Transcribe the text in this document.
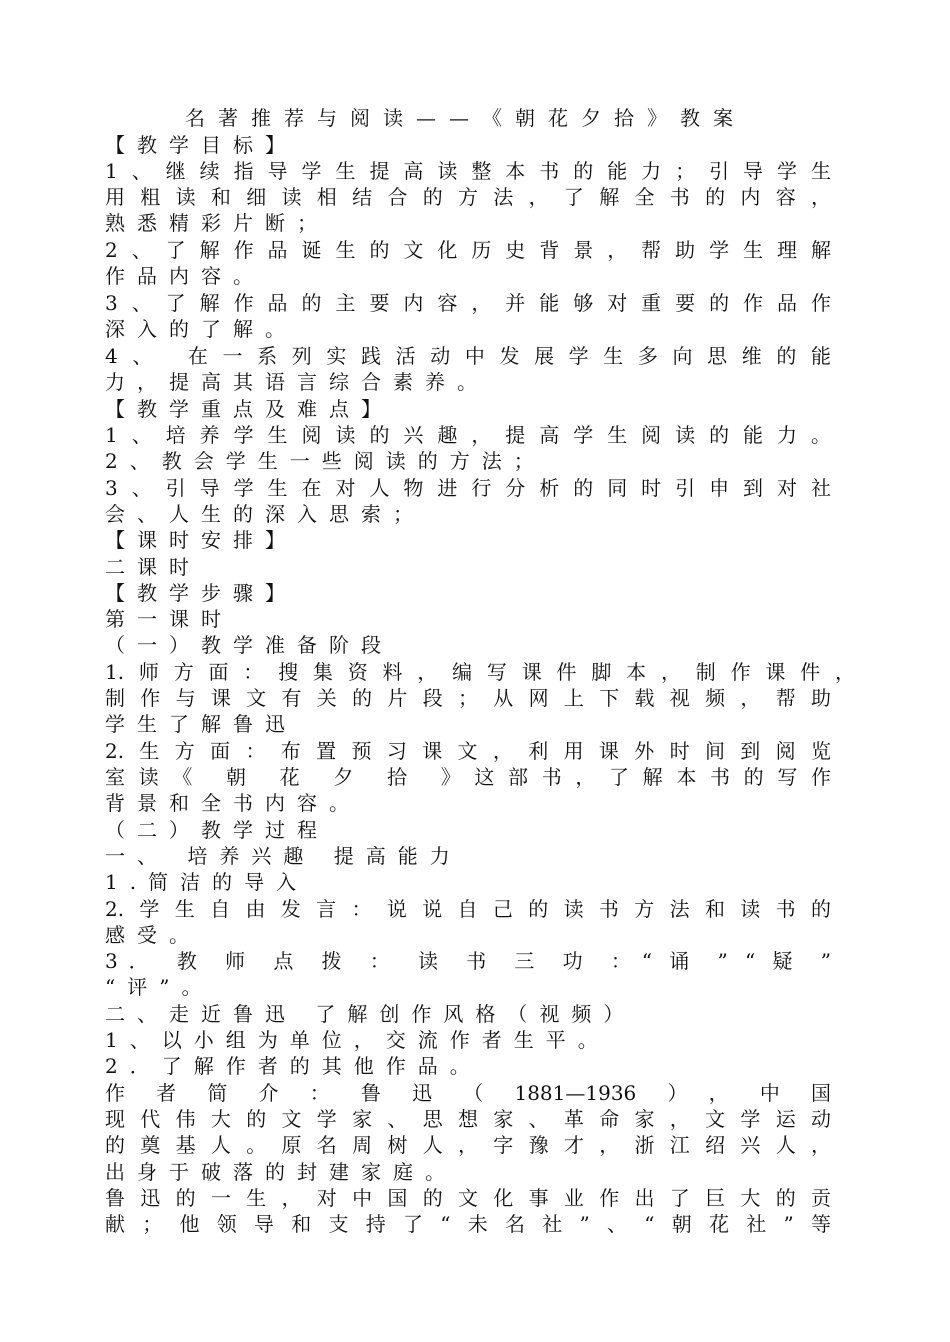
名著推荐与阅读——《朝花夕拾》教案
【教学目标】
1、继续指导学生提高读整本书的能力；引导学生
用粗读和细读相结合的方法，了解全书的内容，
熟悉精彩片断；
2、了解作品诞生的文化历史背景，帮助学生理解
作品内容。
3、了解作品的主要内容，并能够对重要的作品作
深入的了解。
4、 在一系列实践活动中发展学生多向思维的能
力，提高其语言综合素养。
【教学重点及难点】
1、培养学生阅读的兴趣，提高学生阅读的能力。
2、教会学生一些阅读的方法；
3、引导学生在对人物进行分析的同时引申到对社
会、人生的深入思索；
【课时安排】
二课时
【教学步骤】
第一课时
（一）教学准备阶段
1.师方面：搜集资料，编写课件脚本，制作课件，
制作与课文有关的片段；从网上下载视频，帮助
学生了解鲁迅
2.生方面：布置预习课文，利用课外时间到阅览
室读《 朝 花 夕 拾 》这部书，了解本书的写作
背景和全书内容。
（二）教学过程
一、 培养兴趣 提高能力
1.简洁的导入
2.学生自由发言：说说自己的读书方法和读书的
感受。
3． 教 师 点 拨 ： 读 书 三 功 ：“ 诵 ” “ 疑 ”
“评”。
二、走近鲁迅 了解创作风格（视频）
1、以小组为单位，交流作者生平。
2．了解作者的其他作品。
作者简介：鲁迅（1881—1936），中国
现代伟大的文学家、思想家、革命家，文学运动
的奠基人。原名周树人，字豫才，浙江绍兴人，
出身于破落的封建家庭。
鲁迅的一生，对中国的文化事业作出了巨大的贡
献；他领导和支持了“未名社”、“朝花社”等
